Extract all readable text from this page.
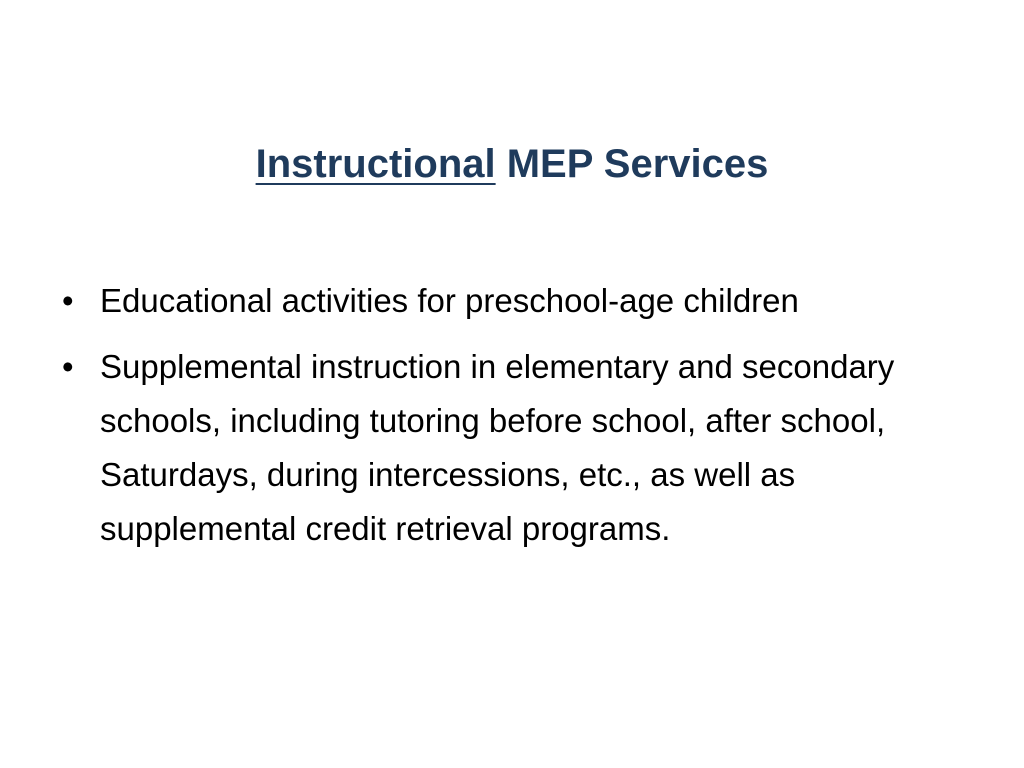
Instructional MEP Services
• Educational activities for preschool-age children
• Supplemental instruction in elementary and secondary schools, including tutoring before school, after school, Saturdays, during intercessions, etc., as well as supplemental credit retrieval programs.
